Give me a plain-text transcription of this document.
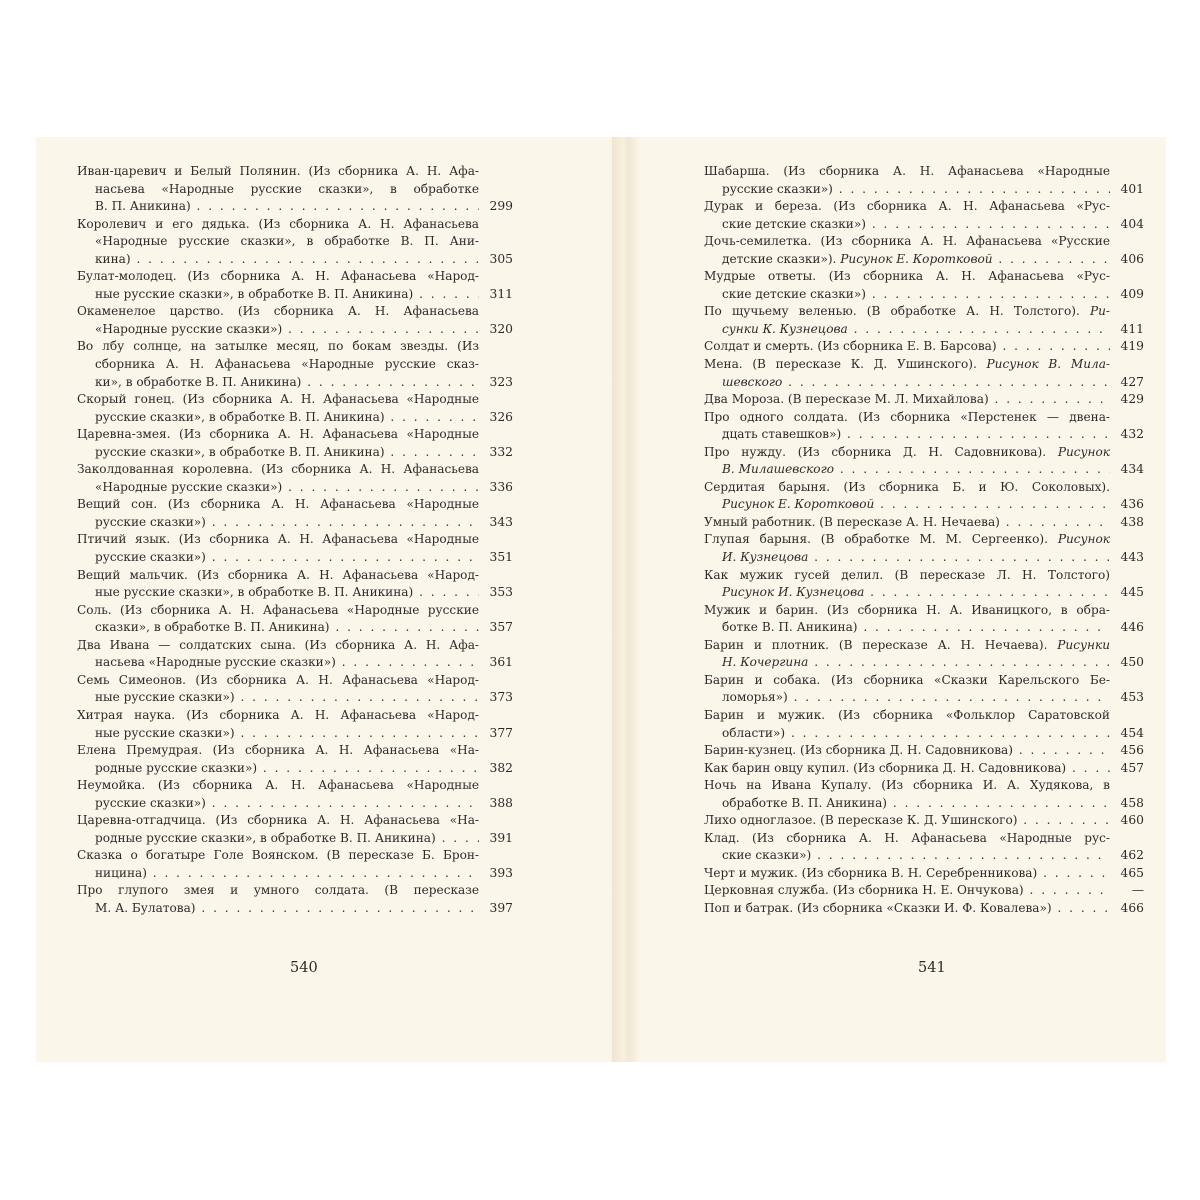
Иван-царевич и Белый Полянин. (Из сборника А. Н. Афа-
насьева «Народные русские сказки», в обработке
В. П. Аникина) . . .	299
Королевич и его дядька. (Из сборника А. Н. Афанасьева
«Народные русские сказки», в обработке В. П. Ани-
кина) . . .	305
Булат-молодец. (Из сборника А. Н. Афанасьева «Народ-
ные русские сказки», в обработке В. П. Аникина) . . .	311
Окаменелое царство. (Из сборника А. Н. Афанасьева
«Народные русские сказки») . . .	320
Во лбу солнце, на затылке месяц, по бокам звезды. (Из
сборника А. Н. Афанасьева «Народные русские сказ-
ки», в обработке В. П. Аникина) . . .	323
Скорый гонец. (Из сборника А. Н. Афанасьева «Народные
русские сказки», в обработке В. П. Аникина) . . .	326
Царевна-змея. (Из сборника А. Н. Афанасьева «Народные
русские сказки», в обработке В. П. Аникина) . . .	332
Заколдованная королевна. (Из сборника А. Н. Афанасьева
«Народные русские сказки») . . .	336
Вещий сон. (Из сборника А. Н. Афанасьева «Народные
русские сказки») . . .	343
Птичий язык. (Из сборника А. Н. Афанасьева «Народные
русские сказки») . . .	351
Вещий мальчик. (Из сборника А. Н. Афанасьева «Народ-
ные русские сказки», в обработке В. П. Аникина) . . .	353
Соль. (Из сборника А. Н. Афанасьева «Народные русские
сказки», в обработке В. П. Аникина) . . .	357
Два Ивана — солдатских сына. (Из сборника А. Н. Афа-
насьева «Народные русские сказки») . . .	361
Семь Симеонов. (Из сборника А. Н. Афанасьева «Народ-
ные русские сказки») . . .	373
Хитрая наука. (Из сборника А. Н. Афанасьева «Народ-
ные русские сказки») . . .	377
Елена Премудрая. (Из сборника А. Н. Афанасьева «На-
родные русские сказки») . . .	382
Неумойка. (Из сборника А. Н. Афанасьева «Народные
русские сказки») . . .	388
Царевна-отгадчица. (Из сборника А. Н. Афанасьева «На-
родные русские сказки», в обработке В. П. Аникина) . . .	391
Сказка о богатыре Голе Воянском. (В пересказе Б. Брон-
ницина) . . .	393
Про глупого змея и умного солдата. (В пересказе
М. А. Булатова) . . .	397
Шабарша. (Из сборника А. Н. Афанасьева «Народные
русские сказки») . . .	401
Дурак и береза. (Из сборника А. Н. Афанасьева «Рус-
ские детские сказки») . . .	404
Дочь-семилетка. (Из сборника А. Н. Афанасьева «Русские
детские сказки»). Рисунок Е. Коротковой . . .	406
Мудрые ответы. (Из сборника А. Н. Афанасьева «Рус-
ские детские сказки») . . .	409
По щучьему веленью. (В обработке А. Н. Толстого). Ри-
сунки К. Кузнецова . . .	411
Солдат и смерть. (Из сборника Е. В. Барсова) . . .	419
Мена. (В пересказе К. Д. Ушинского). Рисунок В. Мила-
шевского . . .	427
Два Мороза. (В пересказе М. Л. Михайлова) . . .	429
Про одного солдата. (Из сборника «Перстенек — двена-
дцать ставешков») . . .	432
Про нужду. (Из сборника Д. Н. Садовникова). Рисунок
В. Милашевского . . .	434
Сердитая барыня. (Из сборника Б. и Ю. Соколовых).
Рисунок Е. Коротковой . . .	436
Умный работник. (В пересказе А. Н. Нечаева) . . .	438
Глупая барыня. (В обработке М. М. Сергеенко). Рисунок
И. Кузнецова . . .	443
Как мужик гусей делил. (В пересказе Л. Н. Толстого)
Рисунок И. Кузнецова . . .	445
Мужик и барин. (Из сборника Н. А. Иваницкого, в обра-
ботке В. П. Аникина) . . .	446
Барин и плотник. (В пересказе А. Н. Нечаева). Рисунки
Н. Кочергина . . .	450
Барин и собака. (Из сборника «Сказки Карельского Бе-
ломорья») . . .	453
Барин и мужик. (Из сборника «Фольклор Саратовской
области») . . .	454
Барин-кузнец. (Из сборника Д. Н. Садовникова) . . .	456
Как барин овцу купил. (Из сборника Д. Н. Садовникова) . . .	457
Ночь на Ивана Купалу. (Из сборника И. А. Худякова, в
обработке В. П. Аникина) . . .	458
Лихо одноглазое. (В пересказе К. Д. Ушинского) . . .	460
Клад. (Из сборника А. Н. Афанасьева «Народные рус-
ские сказки») . . .	462
Черт и мужик. (Из сборника В. Н. Серебренникова) . . .	465
Церковная служба. (Из сборника Н. Е. Ончукова) . . .	—
Поп и батрак. (Из сборника «Сказки И. Ф. Ковалева») . . .	466
540	541
